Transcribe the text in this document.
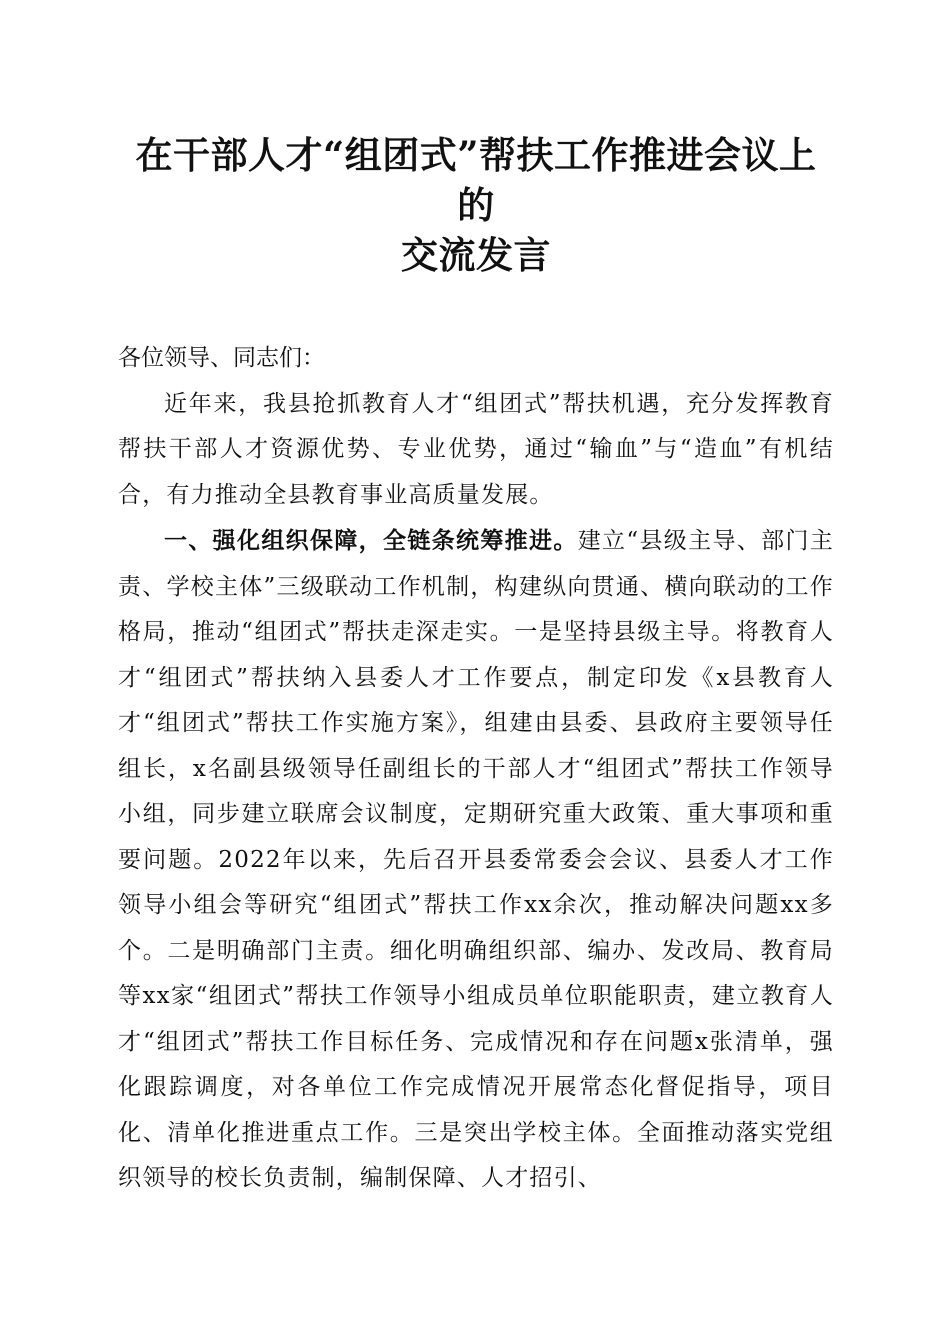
在干部人才“组团式”帮扶工作推进会议上的
交流发言

各位领导、同志们：

近年来，我县抢抓教育人才“组团式”帮扶机遇，充分发挥教育帮扶干部人才资源优势、专业优势，通过“输血”与“造血”有机结合，有力推动全县教育事业高质量发展。

一、强化组织保障，全链条统筹推进。建立“县级主导、部门主责、学校主体”三级联动工作机制，构建纵向贯通、横向联动的工作格局，推动“组团式”帮扶走深走实。一是坚持县级主导。将教育人才“组团式”帮扶纳入县委人才工作要点，制定印发《x县教育人才“组团式”帮扶工作实施方案》，组建由县委、县政府主要领导任组长，x名副县级领导任副组长的干部人才“组团式”帮扶工作领导小组，同步建立联席会议制度，定期研究重大政策、重大事项和重要问题。2022年以来，先后召开县委常委会会议、县委人才工作领导小组会等研究“组团式”帮扶工作xx余次，推动解决问题xx多个。二是明确部门主责。细化明确组织部、编办、发改局、教育局等xx家“组团式”帮扶工作领导小组成员单位职能职责，建立教育人才“组团式”帮扶工作目标任务、完成情况和存在问题x张清单，强化跟踪调度，对各单位工作完成情况开展常态化督促指导，项目化、清单化推进重点工作。三是突出学校主体。全面推动落实党组织领导的校长负责制，编制保障、人才招引、
